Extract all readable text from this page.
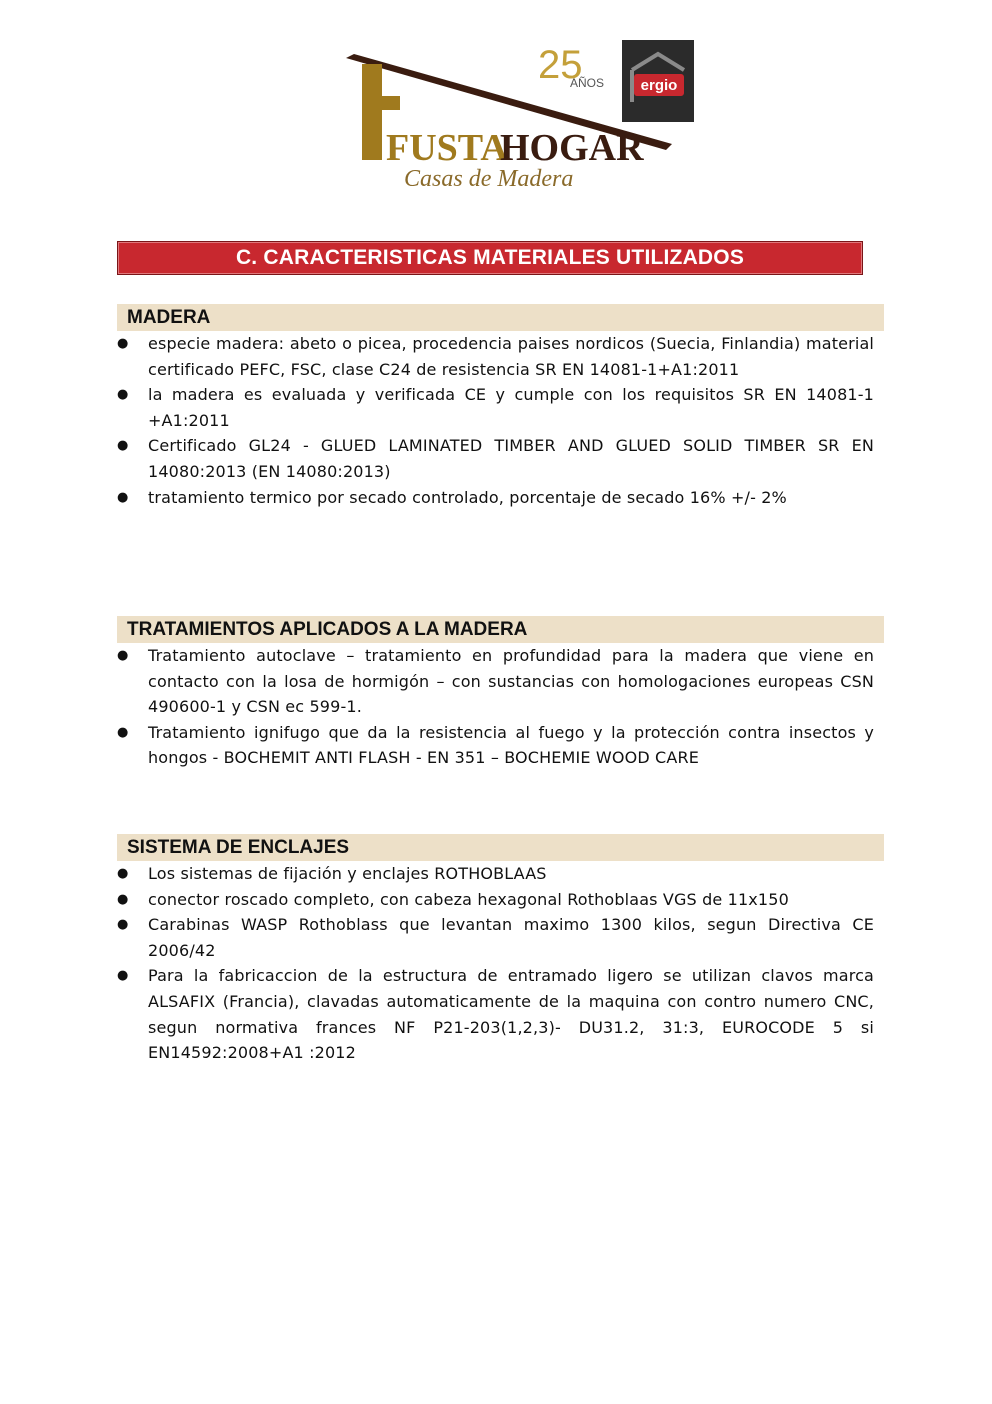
FUSTA
HOGAR
Casas de Madera
25
AÑOS ergio
C. CARACTERISTICAS MATERIALES UTILIZADOS
MADERA
● especie madera: abeto o picea, procedencia paises nordicos (Suecia, Finlandia) material certificado PEFC, FSC, clase C24 de resistencia SR EN 14081-1+A1:2011
● la madera es evaluada y verificada CE y cumple con los requisitos SR EN 14081-1 +A1:2011
● Certificado GL24 - GLUED LAMINATED TIMBER AND GLUED SOLID TIMBER SR EN 14080:2013 (EN 14080:2013)
● tratamiento termico por secado controlado, porcentaje de secado 16% +/- 2%
TRATAMIENTOS APLICADOS A LA MADERA
● Tratamiento autoclave – tratamiento en profundidad para la madera que viene en contacto con la losa de hormigón – con sustancias con homologaciones europeas CSN 490600-1 y CSN ec 599-1.
● Tratamiento ignifugo que da la resistencia al fuego y la protección contra insectos y hongos - BOCHEMIT ANTI FLASH - EN 351 – BOCHEMIE WOOD CARE
SISTEMA DE ENCLAJES
● Los sistemas de fijación y enclajes ROTHOBLAAS
● conector roscado completo, con cabeza hexagonal Rothoblaas VGS de 11x150
● Carabinas WASP Rothoblass que levantan maximo 1300 kilos, segun Directiva CE 2006/42
● Para la fabricaccion de la estructura de entramado ligero se utilizan clavos marca ALSAFIX (Francia), clavadas automaticamente de la maquina con contro numero CNC, segun normativa frances NF P21-203(1,2,3)- DU31.2, 31:3, EUROCODE 5 si EN14592:2008+A1 :2012
